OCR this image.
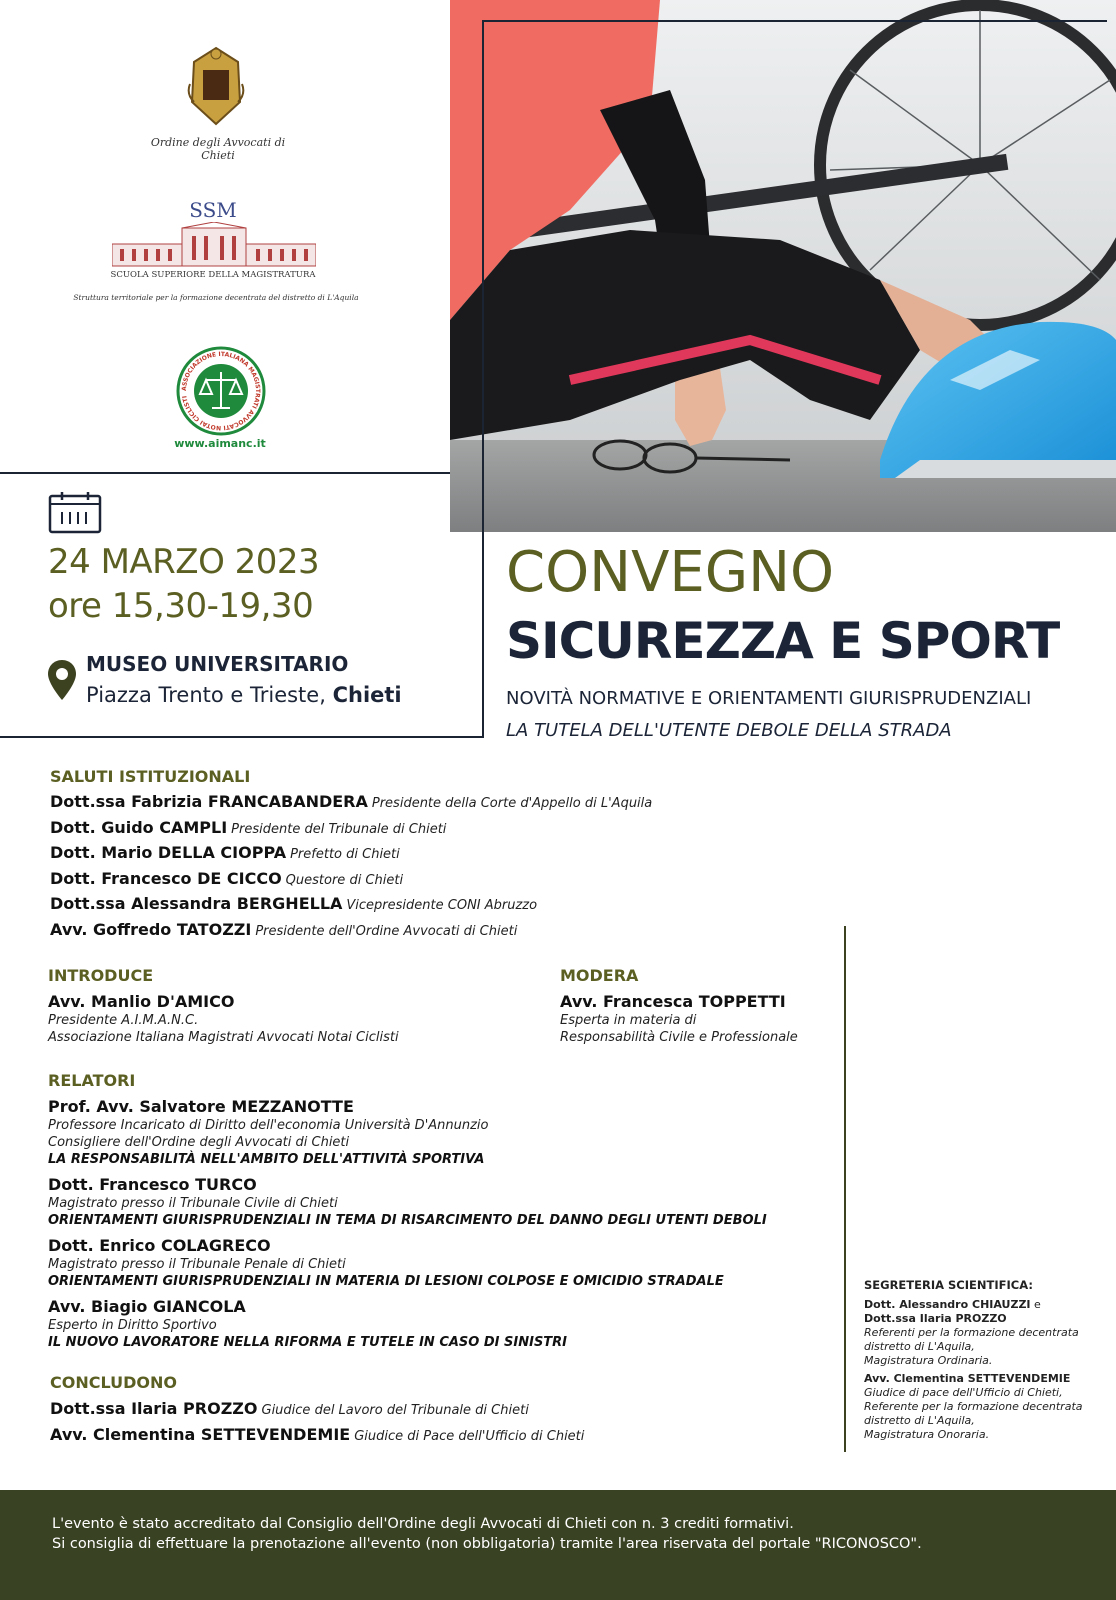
Ordine degli Avvocati di Chieti
SSM
SCUOLA SUPERIORE DELLA MAGISTRATURA
Struttura territoriale per la formazione decentrata del distretto di L'Aquila
ASSOCIAZIONE ITALIANA MAGISTRATI AVVOCATI NOTAI CICLISTI
www.aimanc.it
24 MARZO 2023
ore 15,30-19,30
MUSEO UNIVERSITARIO
Piazza Trento e Trieste, Chieti
CONVEGNO
SICUREZZA E SPORT
NOVITÀ NORMATIVE E ORIENTAMENTI GIURISPRUDENZIALI
LA TUTELA DELL'UTENTE DEBOLE DELLA STRADA
SALUTI ISTITUZIONALI
Dott.ssa Fabrizia FRANCABANDERA Presidente della Corte d'Appello di L'Aquila
Dott. Guido CAMPLI Presidente del Tribunale di Chieti
Dott. Mario DELLA CIOPPA Prefetto di Chieti
Dott. Francesco DE CICCO Questore di Chieti
Dott.ssa Alessandra BERGHELLA Vicepresidente CONI Abruzzo
Avv. Goffredo TATOZZI Presidente dell'Ordine Avvocati di Chieti
INTRODUCE
Avv. Manlio D'AMICO
Presidente A.I.M.A.N.C.
Associazione Italiana Magistrati Avvocati Notai Ciclisti
MODERA
Avv. Francesca TOPPETTI
Esperta in materia di
Responsabilità Civile e Professionale
RELATORI
Prof. Avv. Salvatore MEZZANOTTE
Professore Incaricato di Diritto dell'economia Università D'Annunzio
Consigliere dell'Ordine degli Avvocati di Chieti
LA RESPONSABILITÀ NELL'AMBITO DELL'ATTIVITÀ SPORTIVA
Dott. Francesco TURCO
Magistrato presso il Tribunale Civile di Chieti
ORIENTAMENTI GIURISPRUDENZIALI IN TEMA DI RISARCIMENTO DEL DANNO DEGLI UTENTI DEBOLI
Dott. Enrico COLAGRECO
Magistrato presso il Tribunale Penale di Chieti
ORIENTAMENTI GIURISPRUDENZIALI IN MATERIA DI LESIONI COLPOSE E OMICIDIO STRADALE
Avv. Biagio GIANCOLA
Esperto in Diritto Sportivo
IL NUOVO LAVORATORE NELLA RIFORMA E TUTELE IN CASO DI SINISTRI
CONCLUDONO
Dott.ssa Ilaria PROZZO Giudice del Lavoro del Tribunale di Chieti
Avv. Clementina SETTEVENDEMIE Giudice di Pace dell'Ufficio di Chieti
SEGRETERIA SCIENTIFICA:
Dott. Alessandro CHIAUZZI e
Dott.ssa Ilaria PROZZO
Referenti per la formazione decentrata
distretto di L'Aquila,
Magistratura Ordinaria.
Avv. Clementina SETTEVENDEMIE
Giudice di pace dell'Ufficio di Chieti,
Referente per la formazione decentrata
distretto di L'Aquila,
Magistratura Onoraria.

L'evento è stato accreditato dal Consiglio dell'Ordine degli Avvocati di Chieti con n. 3 crediti formativi.

Si consiglia di effettuare la prenotazione all'evento (non obbligatoria) tramite l'area riservata del portale "RICONOSCO".
